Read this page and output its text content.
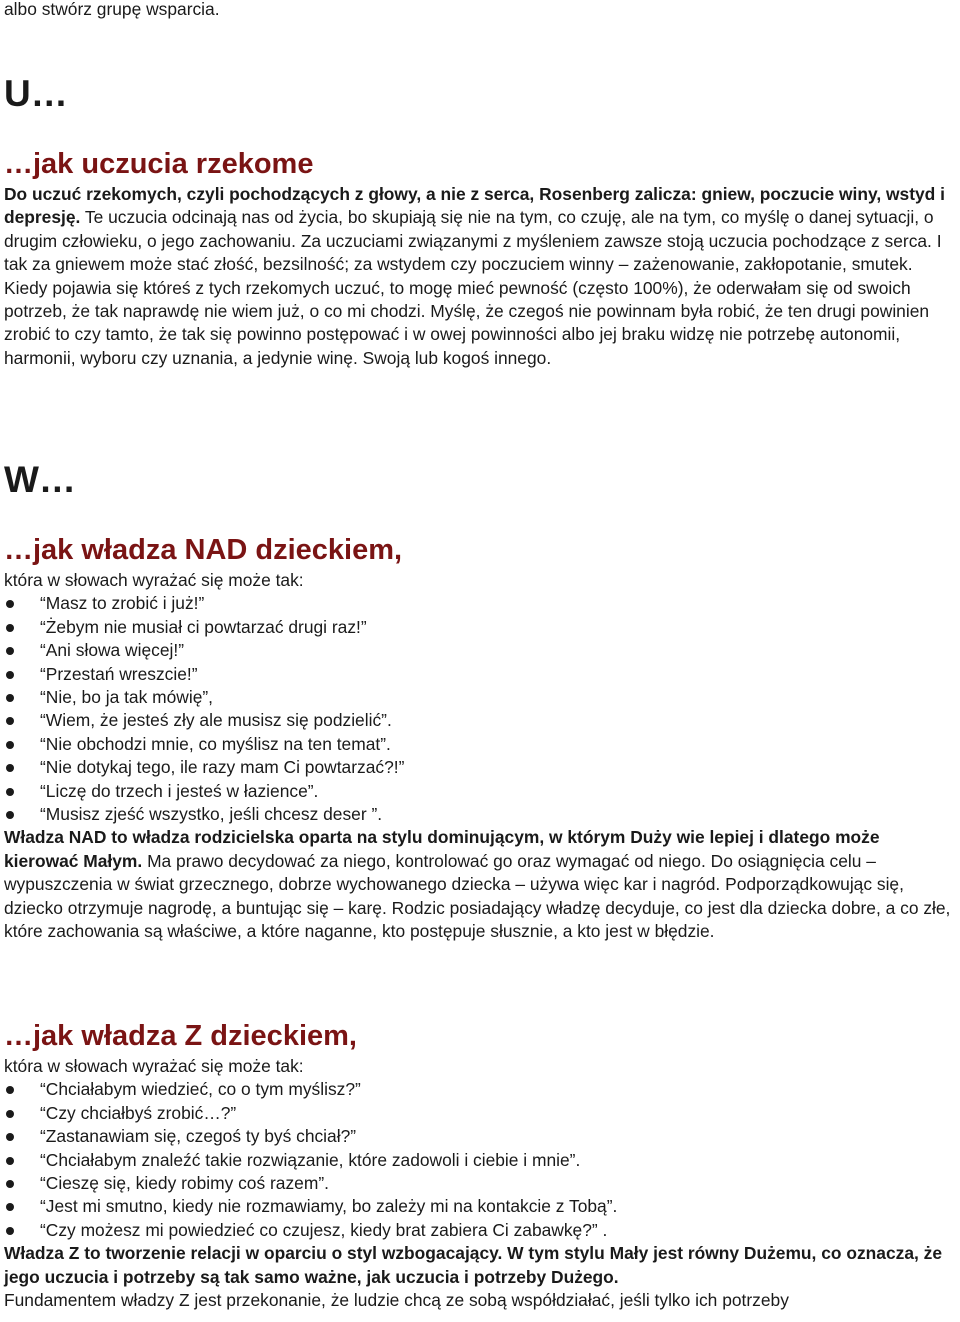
albo stwórz grupę wsparcia.

U…

…jak uczucia rzekome

Do uczuć rzekomych, czyli pochodzących z głowy, a nie z serca, Rosenberg zalicza: gniew, poczucie winy, wstyd i depresję. Te uczucia odcinają nas od życia, bo skupiają się nie na tym, co czuję, ale na tym, co myślę o danej sytuacji, o drugim człowieku, o jego zachowaniu. Za uczuciami związanymi z myśleniem zawsze stoją uczucia pochodzące z serca. I tak za gniewem może stać złość, bezsilność; za wstydem czy poczuciem winny – zażenowanie, zakłopotanie, smutek. Kiedy pojawia się któreś z tych rzekomych uczuć, to mogę mieć pewność (często 100%), że oderwałam się od swoich potrzeb, że tak naprawdę nie wiem już, o co mi chodzi. Myślę, że czegoś nie powinnam była robić, że ten drugi powinien zrobić to czy tamto, że tak się powinno postępować i w owej powinności albo jej braku widzę nie potrzebę autonomii, harmonii, wyboru czy uznania, a jedynie winę. Swoją lub kogoś innego.

W…

…jak władza NAD dzieckiem,

która w słowach wyrażać się może tak:

“Masz to zrobić i już!”
“Żebym nie musiał ci powtarzać drugi raz!”
“Ani słowa więcej!”
“Przestań wreszcie!”
“Nie, bo ja tak mówię”,
“Wiem, że jesteś zły ale musisz się podzielić”.
“Nie obchodzi mnie, co myślisz na ten temat”.
“Nie dotykaj tego, ile razy mam Ci powtarzać?!”
“Liczę do trzech i jesteś w łazience”.
“Musisz zjeść wszystko, jeśli chcesz deser ”.

Władza NAD to władza rodzicielska oparta na stylu dominującym, w którym Duży wie lepiej i dlatego może kierować Małym. Ma prawo decydować za niego, kontrolować go oraz wymagać od niego. Do osiągnięcia celu – wypuszczenia w świat grzecznego, dobrze wychowanego dziecka – używa więc kar i nagród. Podporządkowując się, dziecko otrzymuje nagrodę, a buntując się – karę. Rodzic posiadający władzę decyduje, co jest dla dziecka dobre, a co złe, które zachowania są właściwe, a które naganne, kto postępuje słusznie, a kto jest w błędzie.

…jak władza Z dzieckiem,

która w słowach wyrażać się może tak:

“Chciałabym wiedzieć, co o tym myślisz?”
“Czy chciałbyś zrobić…?”
“Zastanawiam się, czegoś ty byś chciał?”
“Chciałabym znaleźć takie rozwiązanie, które zadowoli i ciebie i mnie”.
“Cieszę się, kiedy robimy coś razem”.
“Jest mi smutno, kiedy nie rozmawiamy, bo zależy mi na kontakcie z Tobą”.
“Czy możesz mi powiedzieć co czujesz, kiedy brat zabiera Ci zabawkę?” .

Władza Z to tworzenie relacji w oparciu o styl wzbogacający. W tym stylu Mały jest równy Dużemu, co oznacza, że jego uczucia i potrzeby są tak samo ważne, jak uczucia i potrzeby Dużego.

Fundamentem władzy Z jest przekonanie, że ludzie chcą ze sobą współdziałać, jeśli tylko ich potrzeby
